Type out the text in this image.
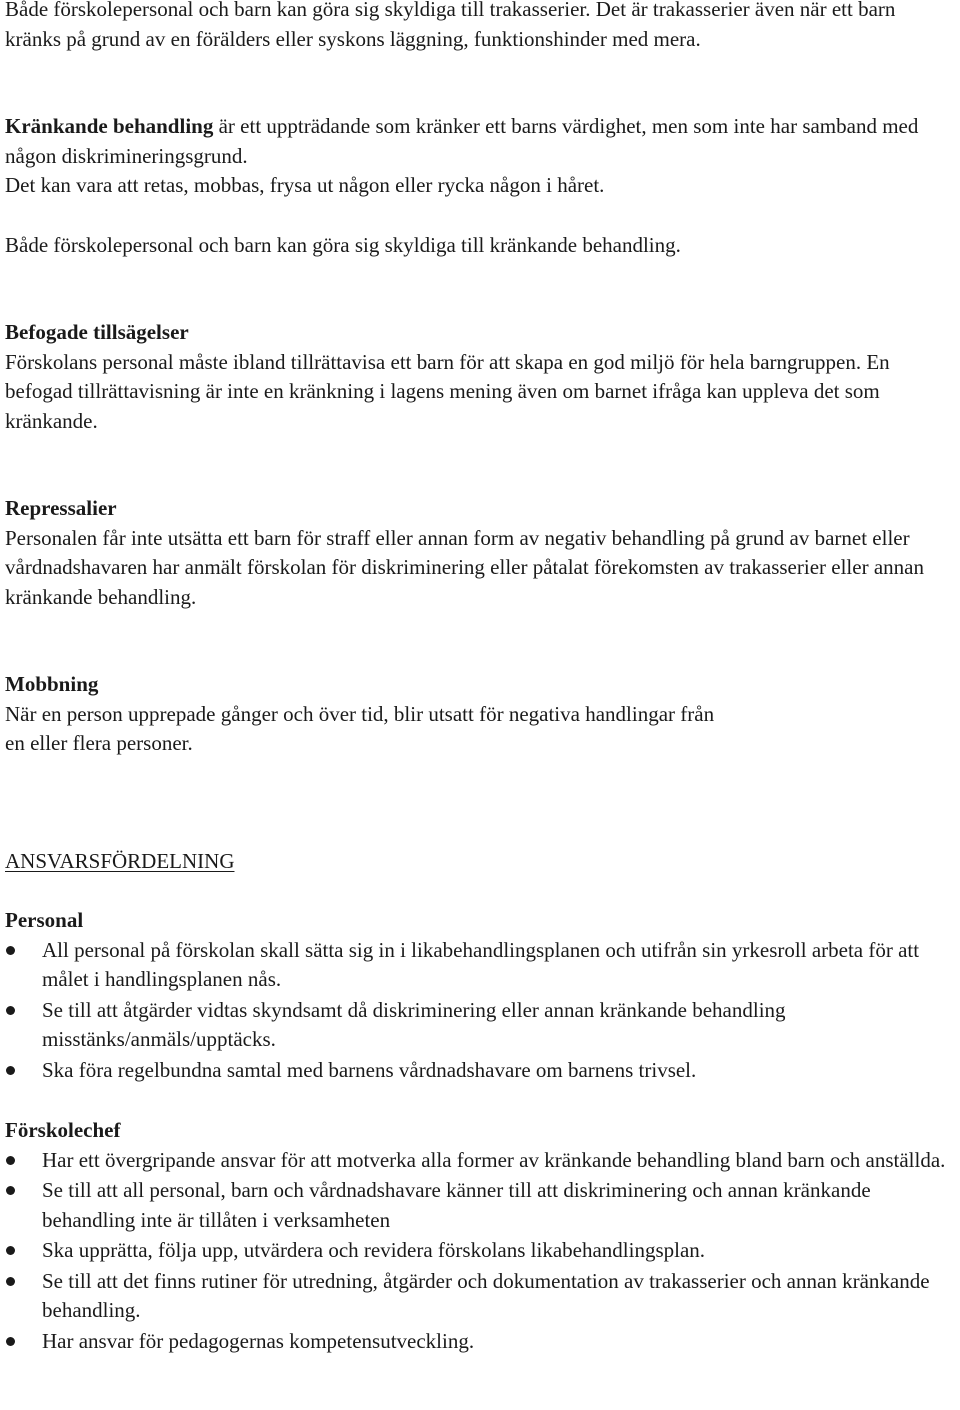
Både förskolepersonal och barn kan göra sig skyldiga till trakasserier. Det är trakasserier även när ett barn kränks på grund av en förälders eller syskons läggning, funktionshinder med mera.

Kränkande behandling är ett uppträdande som kränker ett barns värdighet, men som inte har samband med någon diskrimineringsgrund.

Det kan vara att retas, mobbas, frysa ut någon eller rycka någon i håret.

Både förskolepersonal och barn kan göra sig skyldiga till kränkande behandling.

Befogade tillsägelser

Förskolans personal måste ibland tillrättavisa ett barn för att skapa en god miljö för hela barngruppen. En befogad tillrättavisning är inte en kränkning i lagens mening även om barnet ifråga kan uppleva det som kränkande.

Repressalier

Personalen får inte utsätta ett barn för straff eller annan form av negativ behandling på grund av barnet eller vårdnadshavaren har anmält förskolan för diskriminering eller påtalat förekomsten av trakasserier eller annan kränkande behandling.

Mobbning

När en person upprepade gånger och över tid, blir utsatt för negativa handlingar från

en eller flera personer.

ANSVARSFÖRDELNING

Personal

All personal på förskolan skall sätta sig in i likabehandlingsplanen och utifrån sin yrkesroll arbeta för att målet i handlingsplanen nås.
Se till att åtgärder vidtas skyndsamt då diskriminering eller annan kränkande behandling misstänks/anmäls/upptäcks.
Ska föra regelbundna samtal med barnens vårdnadshavare om barnens trivsel.

Förskolechef

Har ett övergripande ansvar för att motverka alla former av kränkande behandling bland barn och anställda.
Se till att all personal, barn och vårdnadshavare känner till att diskriminering och annan kränkande behandling inte är tillåten i verksamheten
Ska upprätta, följa upp, utvärdera och revidera förskolans likabehandlingsplan.
Se till att det finns rutiner för utredning, åtgärder och dokumentation av trakasserier och annan kränkande behandling.
Har ansvar för pedagogernas kompetensutveckling.
